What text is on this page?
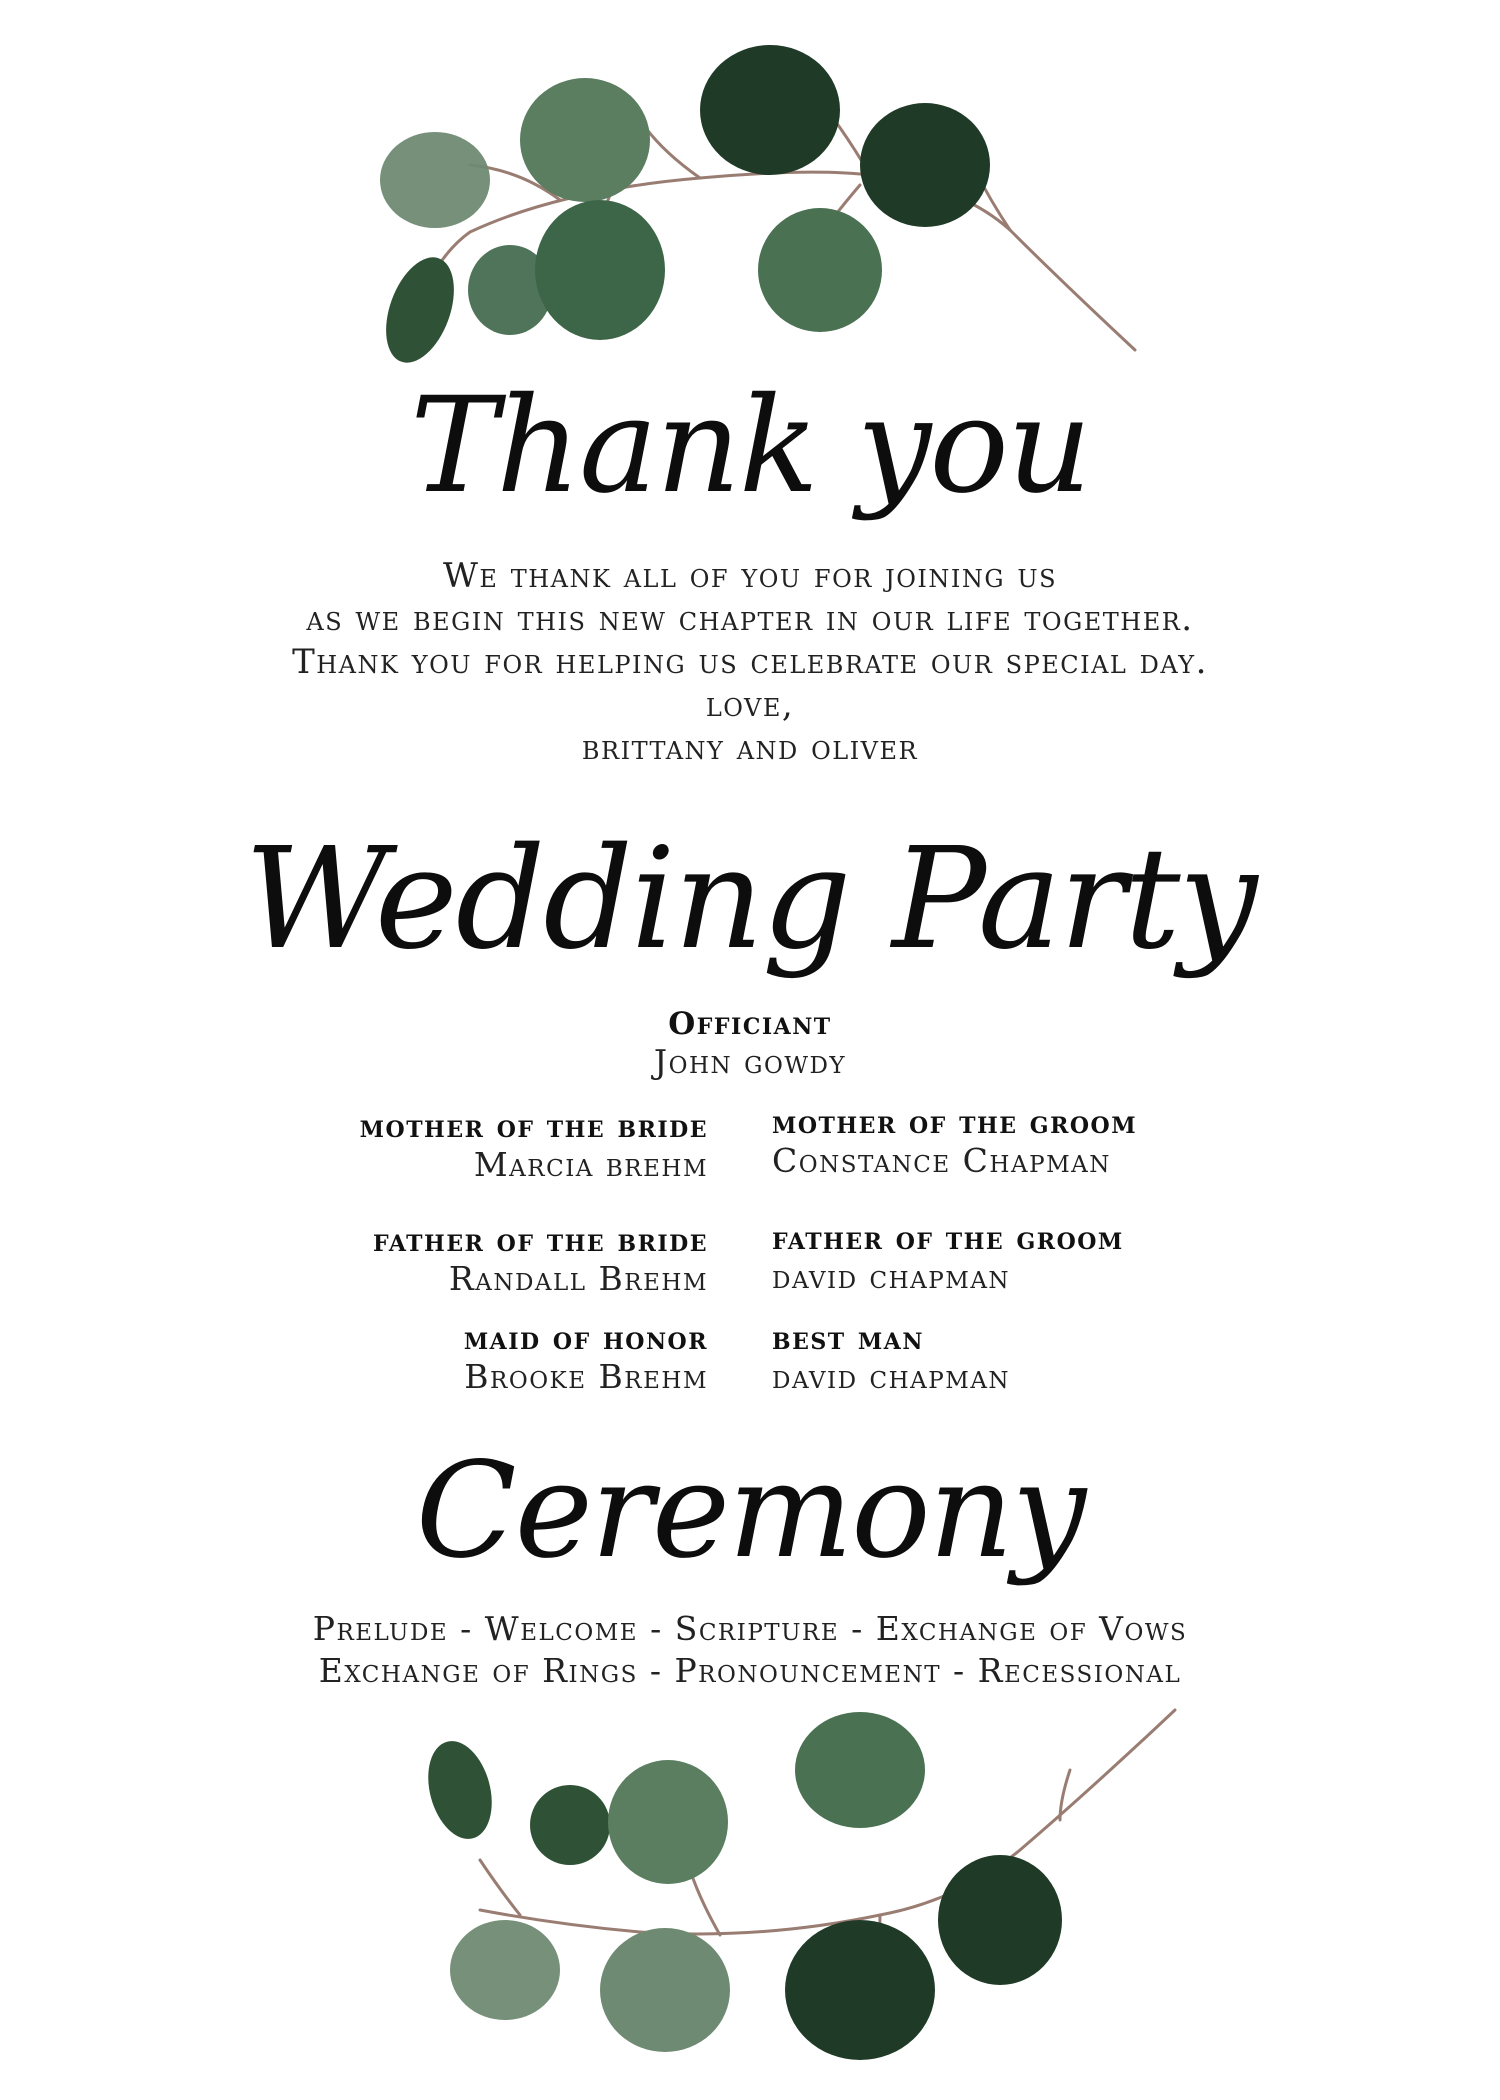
Thank you
We thank all of you for joining us
as we begin this new chapter in our life together.
Thank you for helping us celebrate our special day.
love,
brittany and oliver
Wedding Party
Officiant
John gowdy
mother of the bride
Marcia brehm
father of the bride
Randall Brehm
maid of honor
Brooke Brehm
mother of the groom
Constance Chapman
father of the groom
david chapman
best man
david chapman
Ceremony
Prelude - Welcome - Scripture - Exchange of Vows
Exchange of Rings - Pronouncement - Recessional
